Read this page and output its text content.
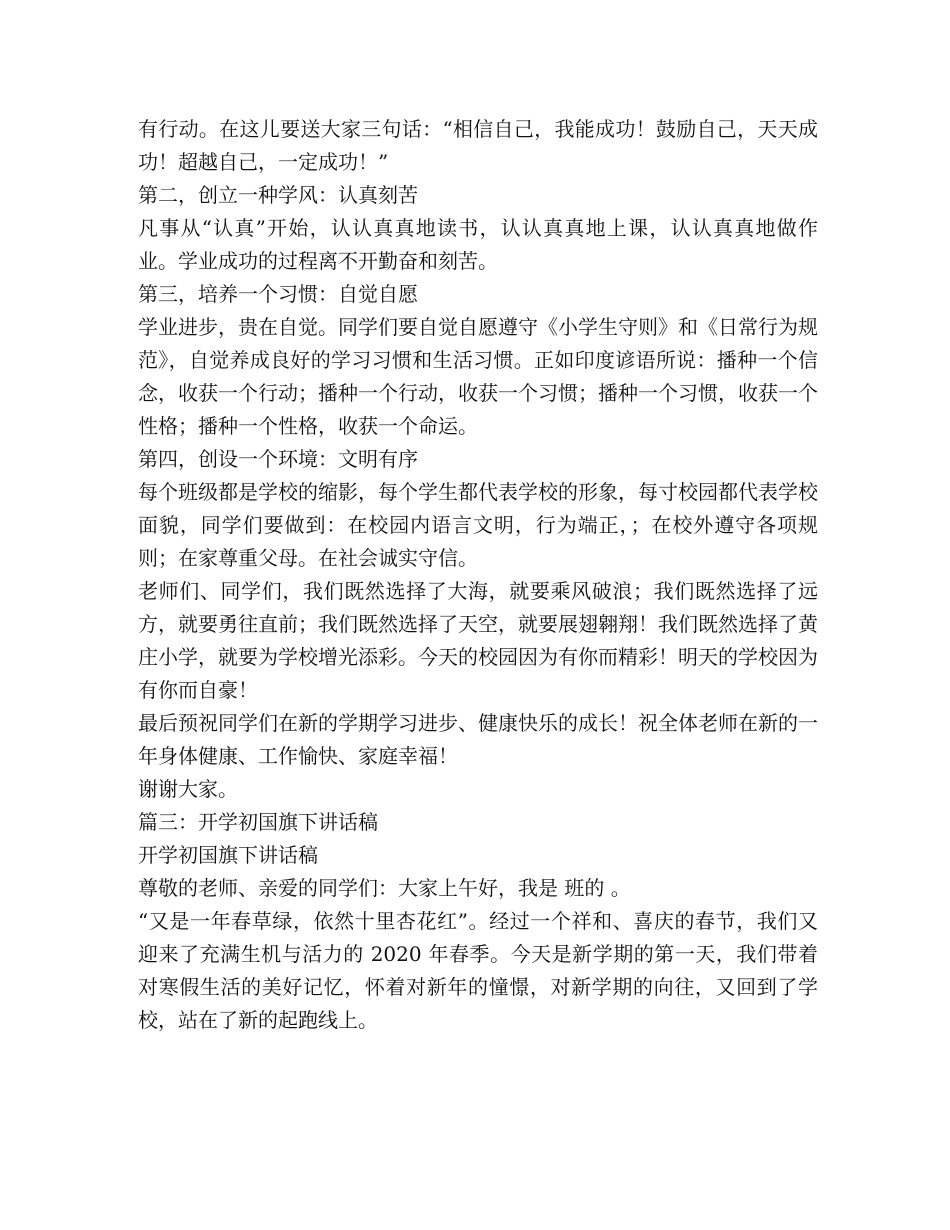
有行动。在这儿要送大家三句话：“相信自己，我能成功！鼓励自己，天天成功！超越自己，一定成功！”

第二，创立一种学风：认真刻苦

凡事从“认真”开始，认认真真地读书，认认真真地上课，认认真真地做作业。学业成功的过程离不开勤奋和刻苦。

第三，培养一个习惯：自觉自愿

学业进步，贵在自觉。同学们要自觉自愿遵守《小学生守则》和《日常行为规范》，自觉养成良好的学习习惯和生活习惯。正如印度谚语所说：播种一个信念，收获一个行动；播种一个行动，收获一个习惯；播种一个习惯，收获一个性格；播种一个性格，收获一个命运。

第四，创设一个环境：文明有序

每个班级都是学校的缩影，每个学生都代表学校的形象，每寸校园都代表学校面貌，同学们要做到：在校园内语言文明，行为端正，；在校外遵守各项规则；在家尊重父母。在社会诚实守信。

老师们、同学们，我们既然选择了大海，就要乘风破浪；我们既然选择了远方，就要勇往直前；我们既然选择了天空，就要展翅翱翔！我们既然选择了黄庄小学，就要为学校增光添彩。今天的校园因为有你而精彩！明天的学校因为有你而自豪！

最后预祝同学们在新的学期学习进步、健康快乐的成长！祝全体老师在新的一年身体健康、工作愉快、家庭幸福！

谢谢大家。

篇三：开学初国旗下讲话稿

开学初国旗下讲话稿

尊敬的老师、亲爱的同学们：大家上午好，我是 班的 。

“又是一年春草绿，依然十里杏花红”。经过一个祥和、喜庆的春节，我们又迎来了充满生机与活力的 2020 年春季。今天是新学期的第一天，我们带着对寒假生活的美好记忆，怀着对新年的憧憬，对新学期的向往，又回到了学校，站在了新的起跑线上。
